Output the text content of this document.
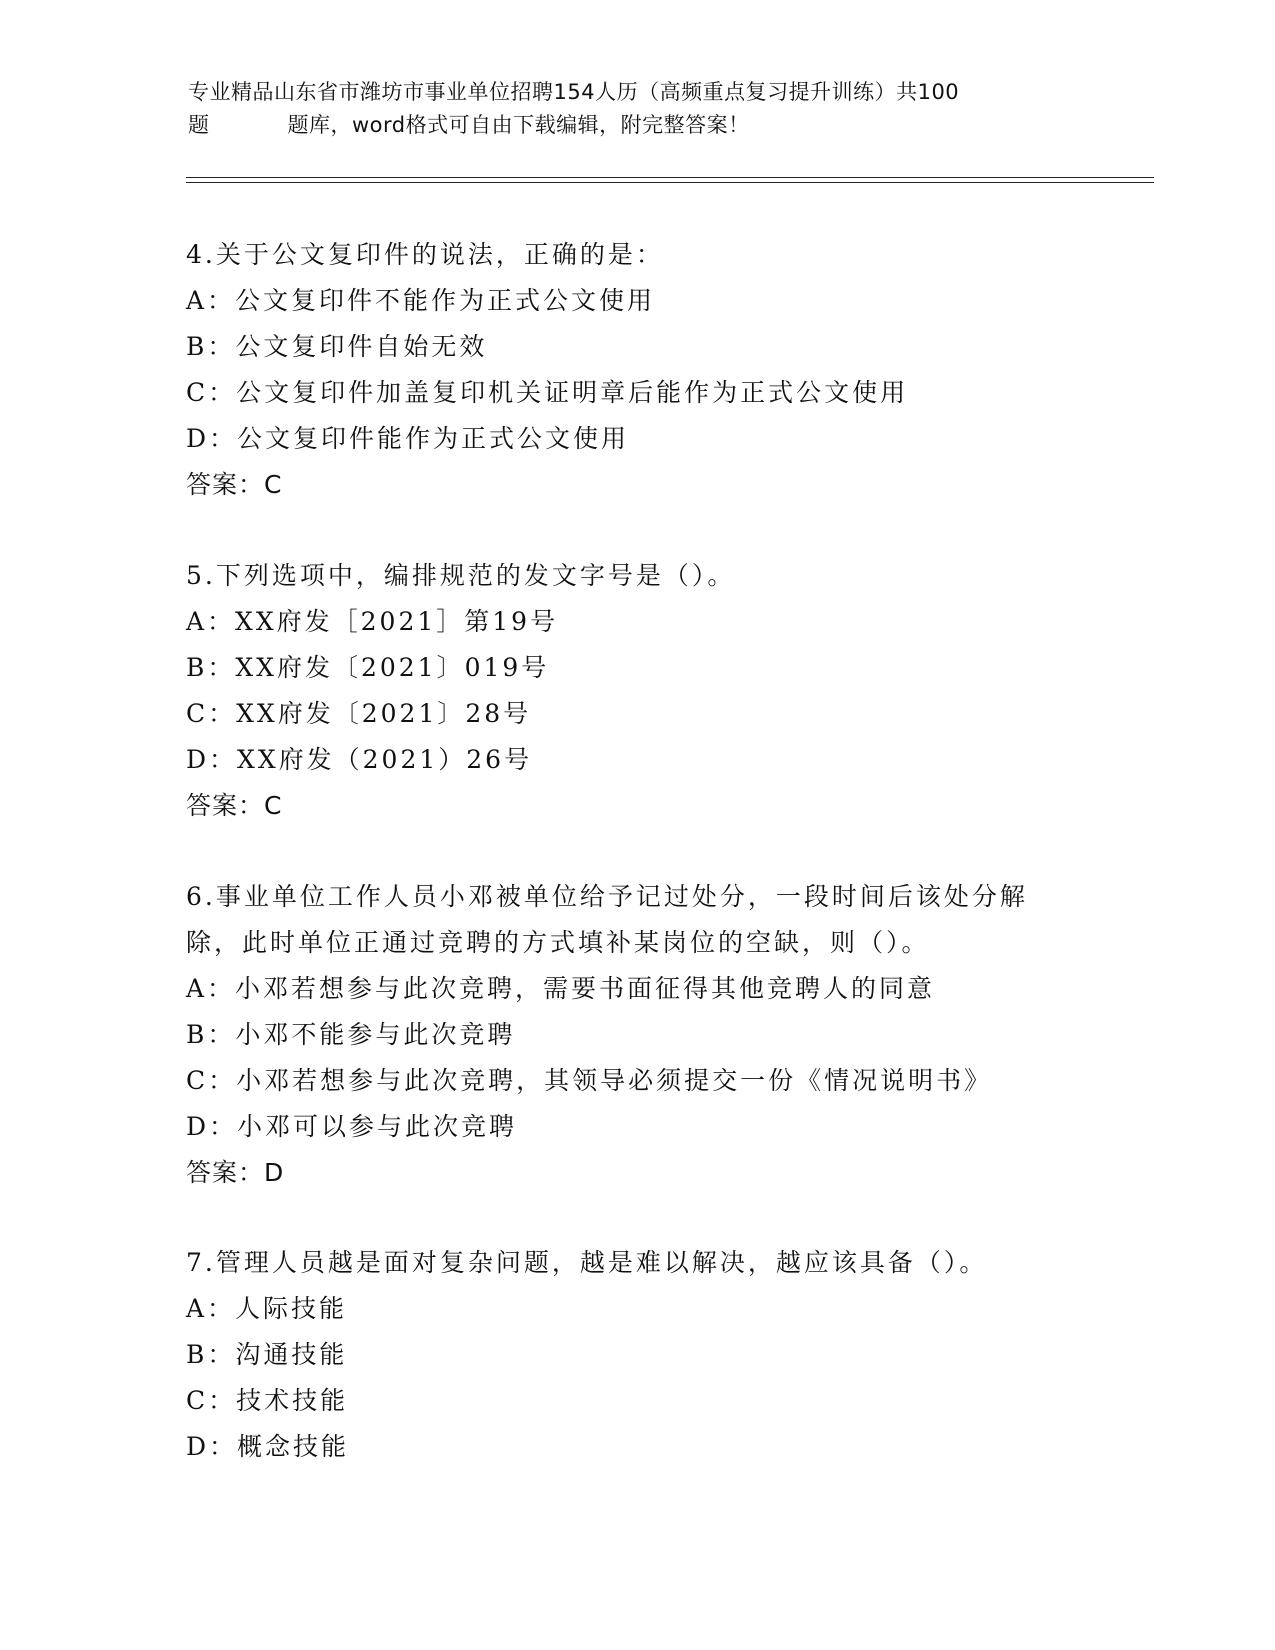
专业精品山东省市潍坊市事业单位招聘154人历（高频重点复习提升训练）共100
题	题库，word格式可自由下载编辑，附完整答案！
4.关于公文复印件的说法，正确的是：
A：公文复印件不能作为正式公文使用
B：公文复印件自始无效
C：公文复印件加盖复印机关证明章后能作为正式公文使用
D：公文复印件能作为正式公文使用
答案：C
5.下列选项中，编排规范的发文字号是（）。
A：XX府发［2021］第19号
B：XX府发〔2021〕019号
C：XX府发〔2021〕28号
D：XX府发（2021）26号
答案：C
6.事业单位工作人员小邓被单位给予记过处分，一段时间后该处分解
除，此时单位正通过竞聘的方式填补某岗位的空缺，则（）。
A：小邓若想参与此次竞聘，需要书面征得其他竞聘人的同意
B：小邓不能参与此次竞聘
C：小邓若想参与此次竞聘，其领导必须提交一份《情况说明书》
D：小邓可以参与此次竞聘
答案：D
7.管理人员越是面对复杂问题，越是难以解决，越应该具备（）。
A：人际技能
B：沟通技能
C：技术技能
D：概念技能
